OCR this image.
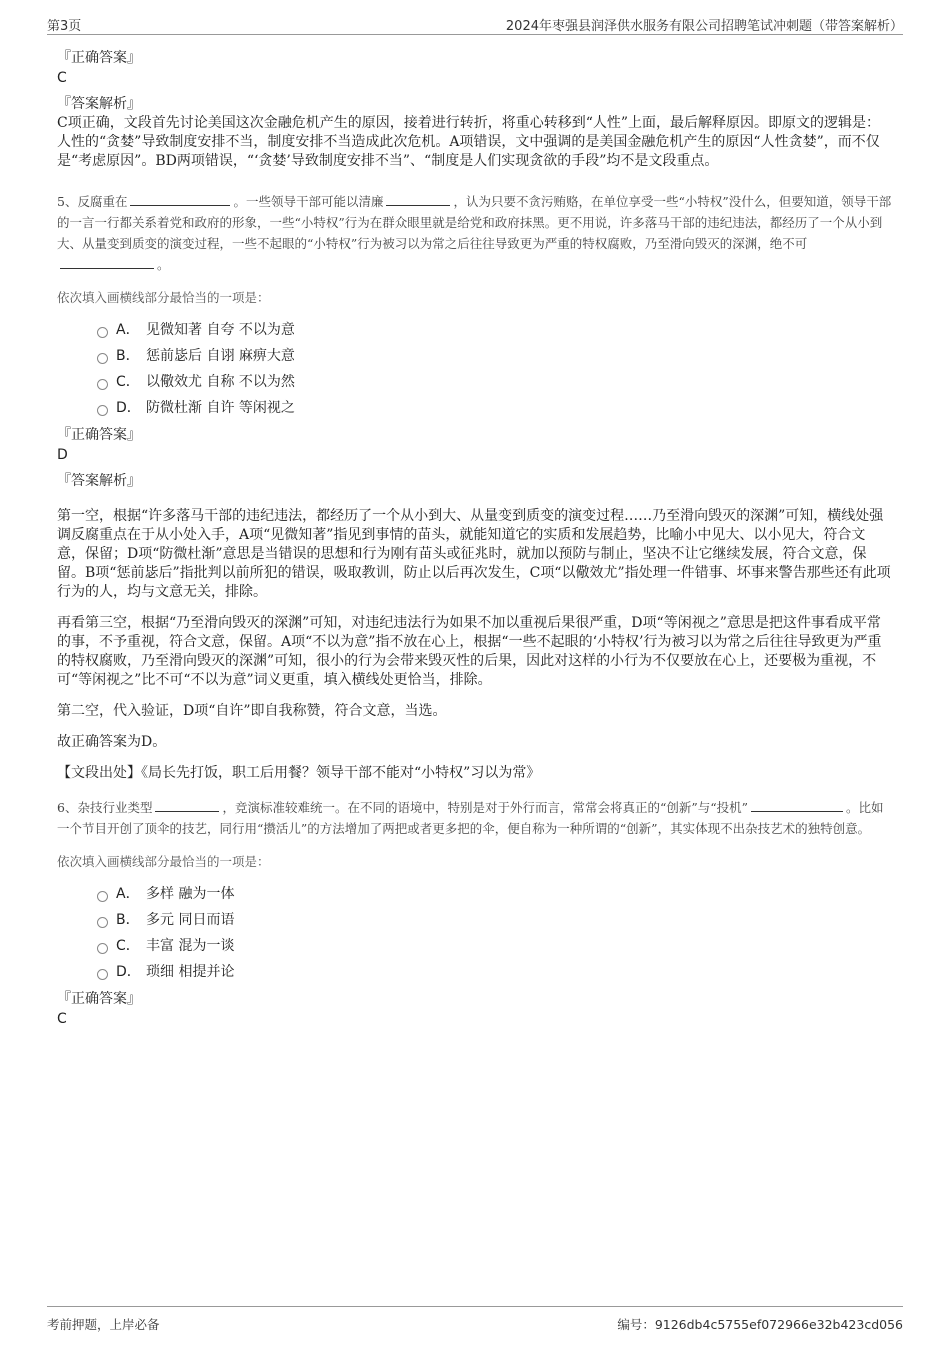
第3页	2024年枣强县润泽供水服务有限公司招聘笔试冲刺题（带答案解析）

『正确答案』

C

『答案解析』

C项正确，文段首先讨论美国这次金融危机产生的原因，接着进行转折，将重心转移到“人性”上面，最后解释原因。即原文的逻辑是：人性的“贪婪”导致制度安排不当，制度安排不当造成此次危机。A项错误，文中强调的是美国金融危机产生的原因“人性贪婪”，而不仅是“考虑原因”。BD两项错误，“‘贪婪’导致制度安排不当”、“制度是人们实现贪欲的手段”均不是文段重点。

5、反腐重在	。一些领导干部可能以清廉	，认为只要不贪污贿赂，在单位享受一些“小特权”没什么，但要知道，领导干部的一言一行都关系着党和政府的形象，一些“小特权”行为在群众眼里就是给党和政府抹黑。更不用说，许多落马干部的违纪违法，都经历了一个从小到大、从量变到质变的演变过程，一些不起眼的“小特权”行为被习以为常之后往往导致更为严重的特权腐败，乃至滑向毁灭的深渊，绝不可。

依次填入画横线部分最恰当的一项是：

A． 见微知著 自夸 不以为意
B． 惩前毖后 自诩 麻痹大意
C． 以儆效尤 自称 不以为然
D． 防微杜渐 自许 等闲视之

『正确答案』

D

『答案解析』

第一空，根据“许多落马干部的违纪违法，都经历了一个从小到大、从量变到质变的演变过程……乃至滑向毁灭的深渊”可知，横线处强调反腐重点在于从小处入手，A项“见微知著”指见到事情的苗头，就能知道它的实质和发展趋势，比喻小中见大、以小见大，符合文意，保留；D项“防微杜渐”意思是当错误的思想和行为刚有苗头或征兆时，就加以预防与制止，坚决不让它继续发展，符合文意，保留。B项“惩前毖后”指批判以前所犯的错误，吸取教训，防止以后再次发生，C项“以儆效尤”指处理一件错事、坏事来警告那些还有此项行为的人，均与文意无关，排除。

再看第三空，根据“乃至滑向毁灭的深渊”可知，对违纪违法行为如果不加以重视后果很严重，D项“等闲视之”意思是把这件事看成平常的事，不予重视，符合文意，保留。A项“不以为意”指不放在心上，根据“一些不起眼的‘小特权’行为被习以为常之后往往导致更为严重的特权腐败，乃至滑向毁灭的深渊”可知，很小的行为会带来毁灭性的后果，因此对这样的小行为不仅要放在心上，还要极为重视，不可“等闲视之”比不可“不以为意”词义更重，填入横线处更恰当，排除。

第二空，代入验证，D项“自许”即自我称赞，符合文意，当选。

故正确答案为D。

【文段出处】《局长先打饭，职工后用餐？领导干部不能对“小特权”习以为常》

6、杂技行业类型	，竞演标准较难统一。在不同的语境中，特别是对于外行而言，常常会将真正的“创新”与“投机”	。比如一个节目开创了顶伞的技艺，同行用“攒活儿”的方法增加了两把或者更多把的伞，便自称为一种所谓的“创新”，其实体现不出杂技艺术的独特创意。

依次填入画横线部分最恰当的一项是：

A． 多样 融为一体
B． 多元 同日而语
C． 丰富 混为一谈
D． 琐细 相提并论

『正确答案』

C

考前押题，上岸必备	编号：9126db4c5755ef072966e32b423cd056
